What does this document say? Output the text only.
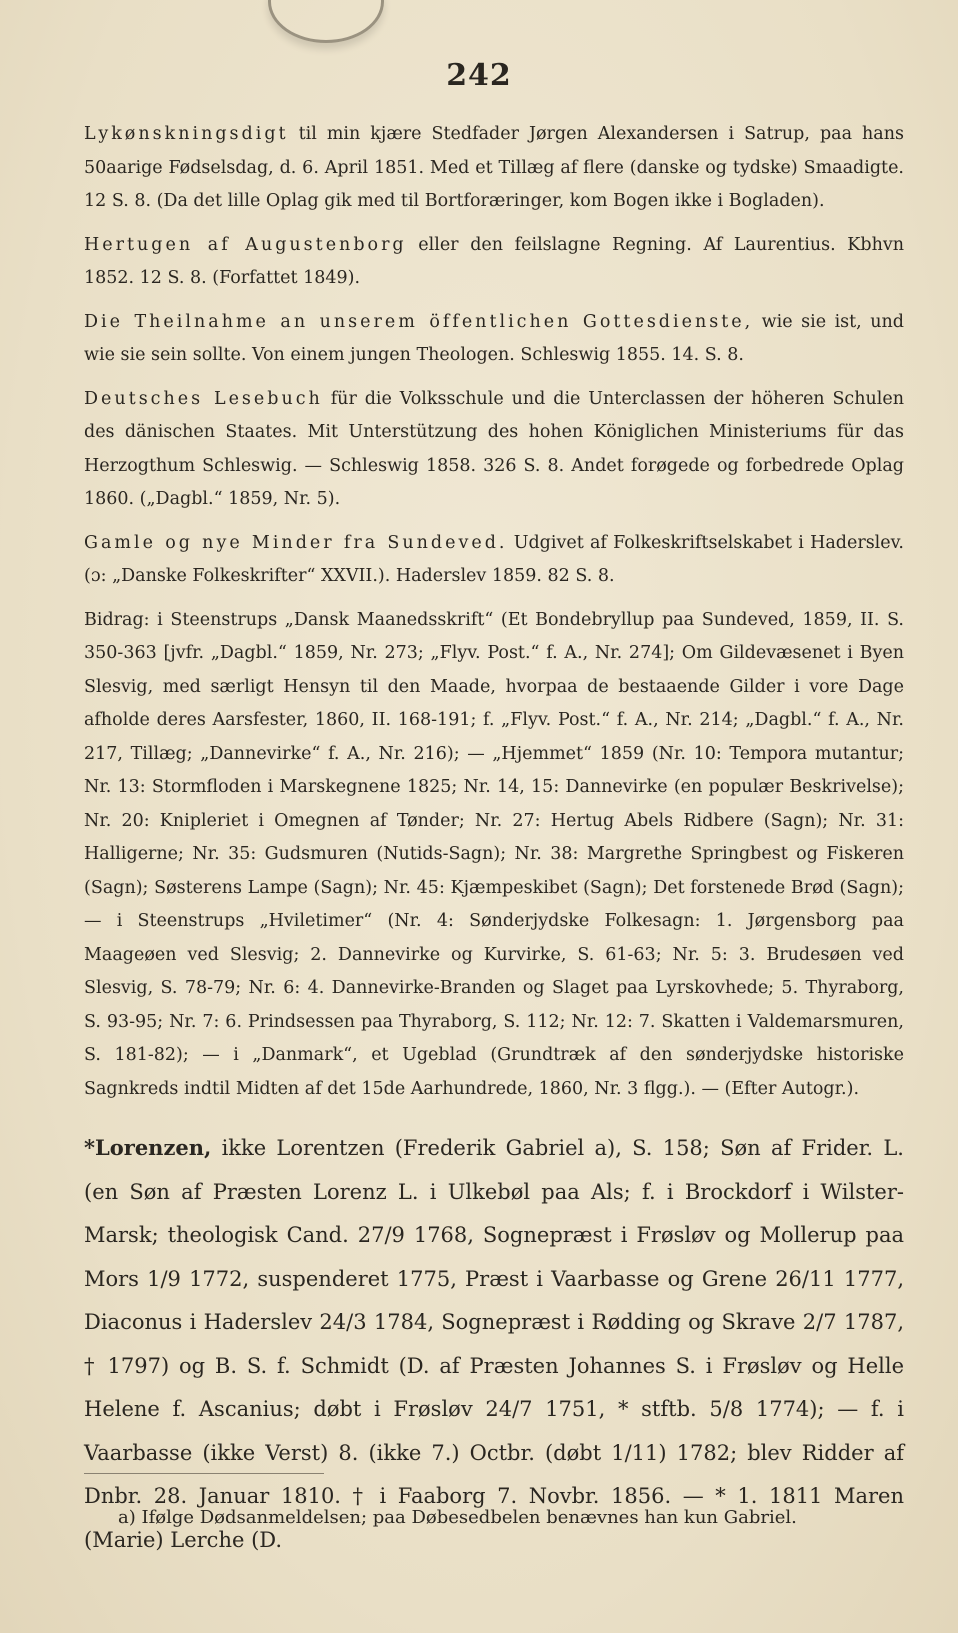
242

Lykønskningsdigt til min kjære Stedfader Jørgen Alexandersen i Satrup, paa hans 50aarige Fødselsdag, d. 6. April 1851. Med et Tillæg af flere (danske og tydske) Smaadigte. 12 S. 8. (Da det lille Oplag gik med til Bortforæringer, kom Bogen ikke i Bogladen).

Hertugen af Augustenborg eller den feilslagne Regning. Af Laurentius. Kbhvn 1852. 12 S. 8. (Forfattet 1849).

Die Theilnahme an unserem öffentlichen Gottesdienste, wie sie ist, und wie sie sein sollte. Von einem jungen Theologen. Schleswig 1855. 14. S. 8.

Deutsches Lesebuch für die Volksschule und die Unterclassen der höheren Schulen des dänischen Staates. Mit Unterstützung des hohen Königlichen Ministeriums für das Herzogthum Schleswig. — Schleswig 1858. 326 S. 8. Andet forøgede og forbedrede Oplag 1860. („Dagbl.“ 1859, Nr. 5).

Gamle og nye Minder fra Sundeved. Udgivet af Folkeskriftselskabet i Haderslev. (ɔ: „Danske Folkeskrifter“ XXVII.). Haderslev 1859. 82 S. 8.

Bidrag: i Steenstrups „Dansk Maanedsskrift“ (Et Bondebryllup paa Sundeved, 1859, II. S. 350-363 [jvfr. „Dagbl.“ 1859, Nr. 273; „Flyv. Post.“ f. A., Nr. 274]; Om Gildevæsenet i Byen Slesvig, med særligt Hensyn til den Maade, hvorpaa de bestaaende Gilder i vore Dage afholde deres Aarsfester, 1860, II. 168-191; f. „Flyv. Post.“ f. A., Nr. 214; „Dagbl.“ f. A., Nr. 217, Tillæg; „Dannevirke“ f. A., Nr. 216); — „Hjemmet“ 1859 (Nr. 10: Tempora mutantur; Nr. 13: Stormfloden i Marskegnene 1825; Nr. 14, 15: Dannevirke (en populær Beskrivelse); Nr. 20: Knipleriet i Omegnen af Tønder; Nr. 27: Hertug Abels Ridbere (Sagn); Nr. 31: Halligerne; Nr. 35: Gudsmuren (Nutids-Sagn); Nr. 38: Margrethe Springbest og Fiskeren (Sagn); Søsterens Lampe (Sagn); Nr. 45: Kjæmpeskibet (Sagn); Det forstenede Brød (Sagn); — i Steenstrups „Hviletimer“ (Nr. 4: Sønderjydske Folkesagn: 1. Jørgensborg paa Maageøen ved Slesvig; 2. Dannevirke og Kurvirke, S. 61-63; Nr. 5: 3. Brudesøen ved Slesvig, S. 78-79; Nr. 6: 4. Dannevirke-Branden og Slaget paa Lyrskovhede; 5. Thyraborg, S. 93-95; Nr. 7: 6. Prindsessen paa Thyraborg, S. 112; Nr. 12: 7. Skatten i Valdemarsmuren, S. 181-82); — i „Danmark“, et Ugeblad (Grundtræk af den sønderjydske historiske Sagnkreds indtil Midten af det 15de Aarhundrede, 1860, Nr. 3 flgg.). — (Efter Autogr.).

*Lorenzen, ikke Lorentzen (Frederik Gabriel a), S. 158; Søn af Frider. L. (en Søn af Præsten Lorenz L. i Ulkebøl paa Als; f. i Brockdorf i Wilster-Marsk; theologisk Cand. 27/9 1768, Sognepræst i Frøsløv og Mollerup paa Mors 1/9 1772, suspenderet 1775, Præst i Vaarbasse og Grene 26/11 1777, Diaconus i Haderslev 24/3 1784, Sognepræst i Rødding og Skrave 2/7 1787, † 1797) og B. S. f. Schmidt (D. af Præsten Johannes S. i Frøsløv og Helle Helene f. Ascanius; døbt i Frøsløv 24/7 1751, * stftb. 5/8 1774); — f. i Vaarbasse (ikke Verst) 8. (ikke 7.) Octbr. (døbt 1/11) 1782; blev Ridder af Dnbr. 28. Januar 1810. † i Faaborg 7. Novbr. 1856. — * 1. 1811 Maren (Marie) Lerche (D.

a) Ifølge Dødsanmeldelsen; paa Døbesedbelen benævnes han kun Gabriel.
